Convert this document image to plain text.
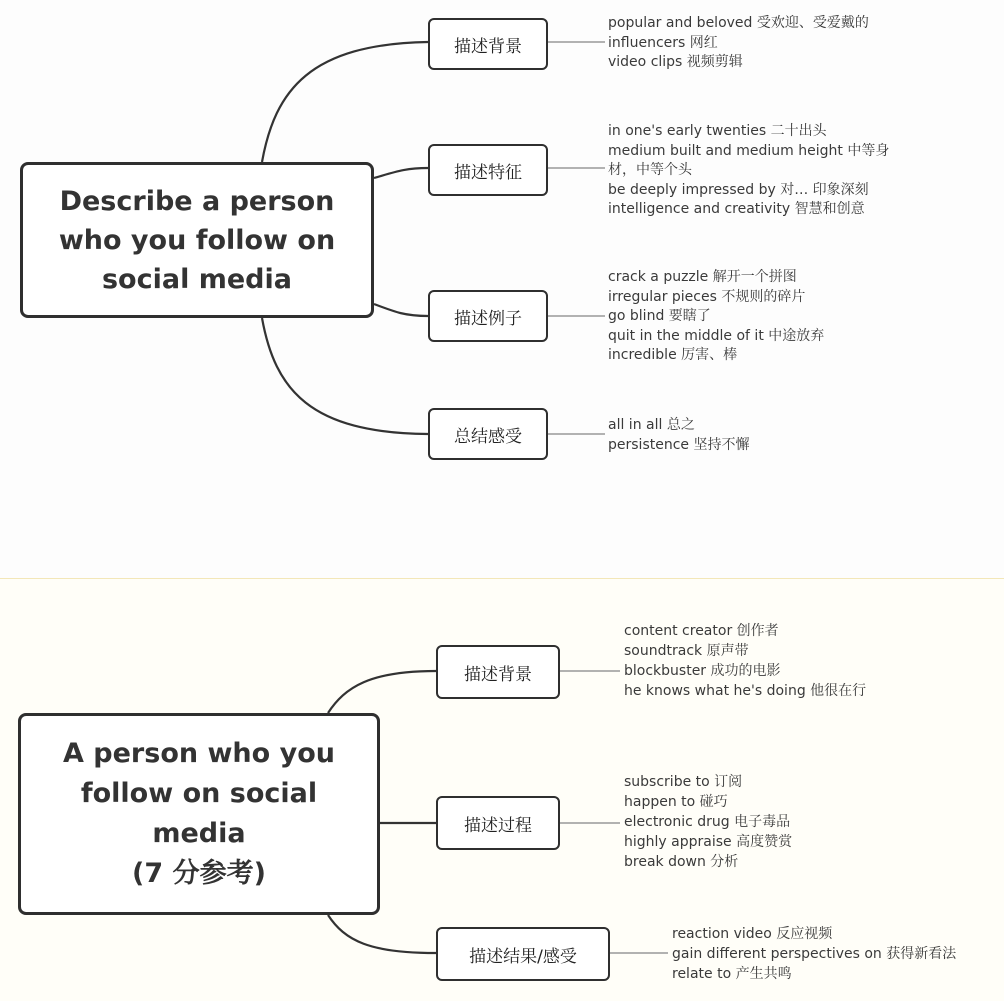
Describe a person
who you follow on
social media
描述背景
描述特征
描述例子
总结感受
popular and beloved 受欢迎、受爱戴的
influencers 网红
video clips 视频剪辑
in one's early twenties 二十出头
medium built and medium height 中等身
材，中等个头
be deeply impressed by 对… 印象深刻
intelligence and creativity 智慧和创意
crack a puzzle 解开一个拼图
irregular pieces 不规则的碎片
go blind 要瞎了
quit in the middle of it 中途放弃
incredible 厉害、棒
all in all 总之
persistence 坚持不懈
A person who you
follow on social
media
(7 分参考)
描述背景
描述过程
描述结果/感受
content creator 创作者
soundtrack 原声带
blockbuster 成功的电影
he knows what he's doing 他很在行
subscribe to 订阅
happen to 碰巧
electronic drug 电子毒品
highly appraise 高度赞赏
break down 分析
reaction video 反应视频
gain different perspectives on 获得新看法
relate to 产生共鸣
